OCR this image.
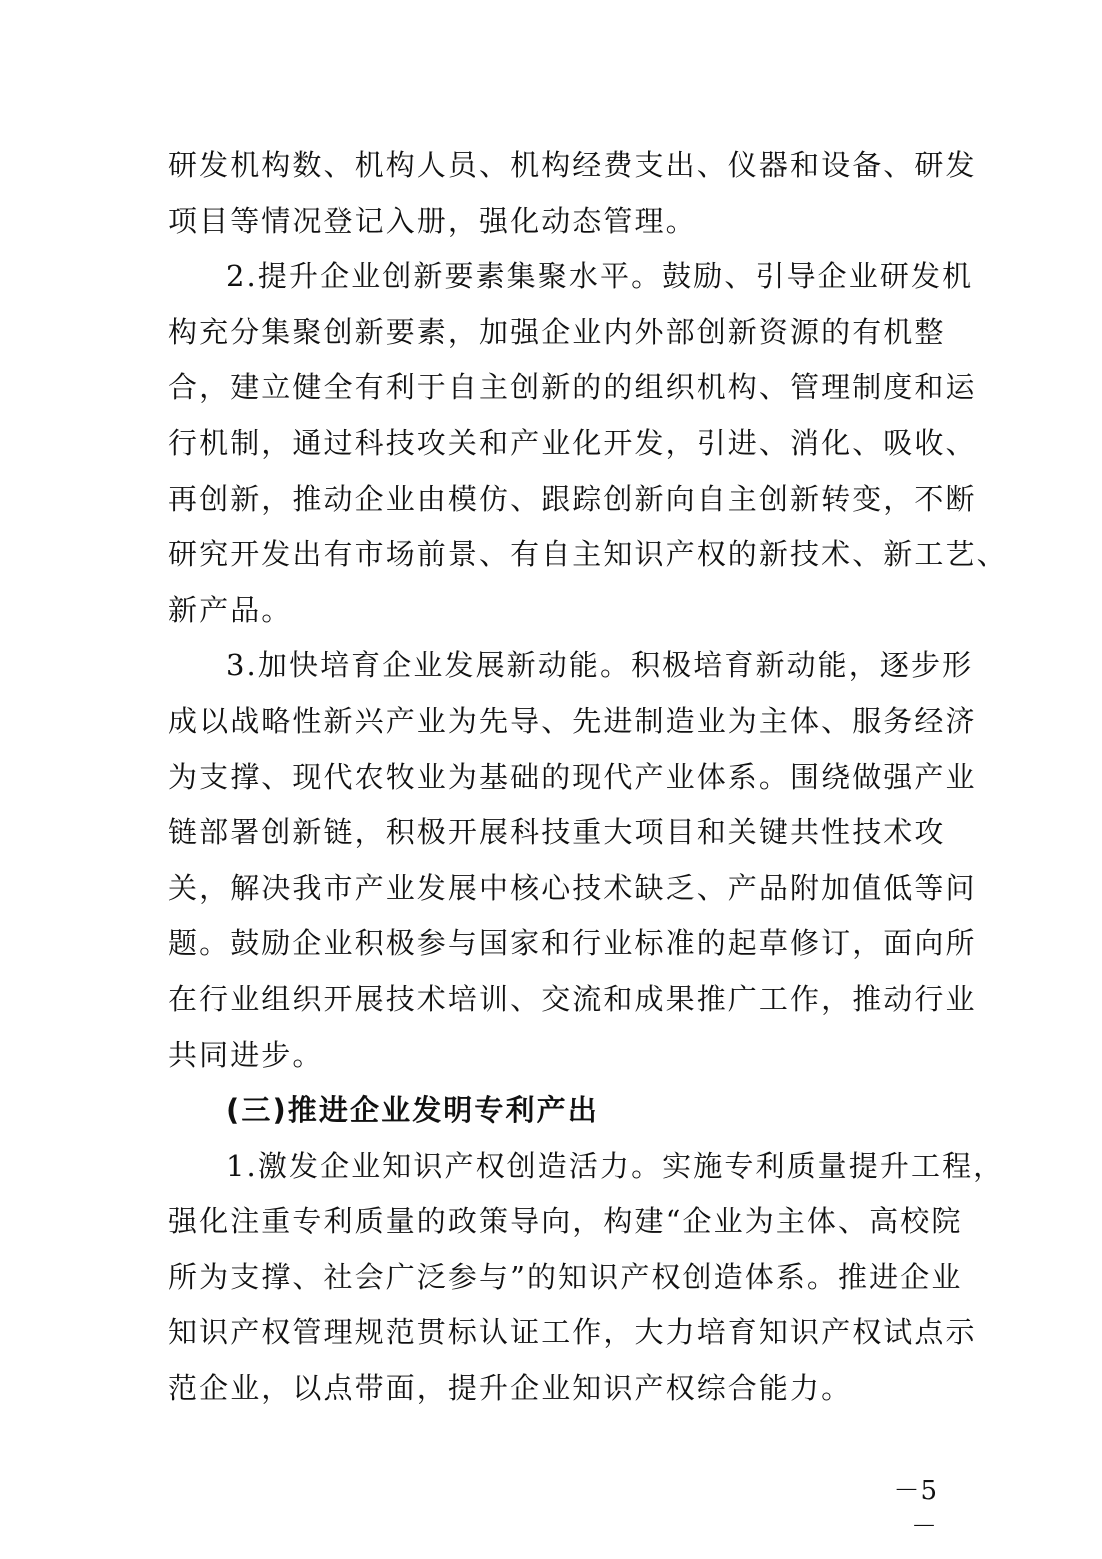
研发机构数、机构人员、机构经费支出、仪器和设备、研发
项目等情况登记入册，强化动态管理。
2.提升企业创新要素集聚水平。鼓励、引导企业研发机
构充分集聚创新要素，加强企业内外部创新资源的有机整
合，建立健全有利于自主创新的的组织机构、管理制度和运
行机制，通过科技攻关和产业化开发，引进、消化、吸收、
再创新，推动企业由模仿、跟踪创新向自主创新转变，不断
研究开发出有市场前景、有自主知识产权的新技术、新工艺、
新产品。
3.加快培育企业发展新动能。积极培育新动能，逐步形
成以战略性新兴产业为先导、先进制造业为主体、服务经济
为支撑、现代农牧业为基础的现代产业体系。围绕做强产业
链部署创新链，积极开展科技重大项目和关键共性技术攻
关，解决我市产业发展中核心技术缺乏、产品附加值低等问
题。鼓励企业积极参与国家和行业标准的起草修订，面向所
在行业组织开展技术培训、交流和成果推广工作，推动行业
共同进步。
(三)推进企业发明专利产出
1.激发企业知识产权创造活力。实施专利质量提升工程，
强化注重专利质量的政策导向，构建“企业为主体、高校院
所为支撑、社会广泛参与”的知识产权创造体系。推进企业
知识产权管理规范贯标认证工作，大力培育知识产权试点示
范企业，以点带面，提升企业知识产权综合能力。
－5－
